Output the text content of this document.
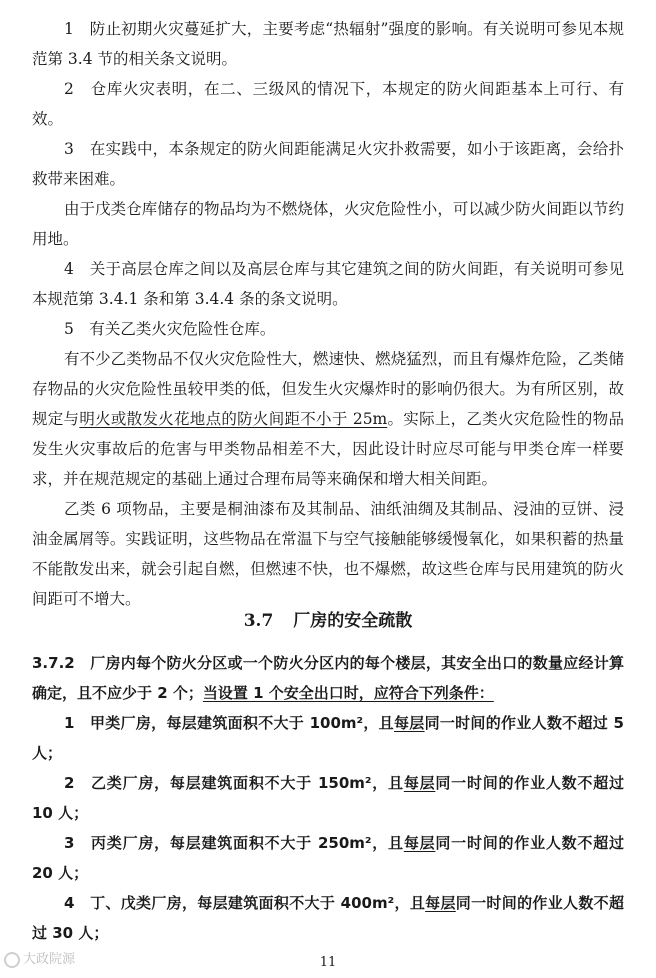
1　防止初期火灾蔓延扩大，主要考虑“热辐射”强度的影响。有关说明可参见本规范第 3.4 节的相关条文说明。

2　仓库火灾表明，在二、三级风的情况下，本规定的防火间距基本上可行、有效。

3　在实践中，本条规定的防火间距能满足火灾扑救需要，如小于该距离，会给扑救带来困难。

由于戊类仓库储存的物品均为不燃烧体，火灾危险性小，可以减少防火间距以节约用地。

4　关于高层仓库之间以及高层仓库与其它建筑之间的防火间距，有关说明可参见本规范第 3.4.1 条和第 3.4.4 条的条文说明。

5　有关乙类火灾危险性仓库。

有不少乙类物品不仅火灾危险性大，燃速快、燃烧猛烈，而且有爆炸危险，乙类储存物品的火灾危险性虽较甲类的低，但发生火灾爆炸时的影响仍很大。为有所区别，故规定与明火或散发火花地点的防火间距不小于 25m。实际上，乙类火灾危险性的物品发生火灾事故后的危害与甲类物品相差不大，因此设计时应尽可能与甲类仓库一样要求，并在规范规定的基础上通过合理布局等来确保和增大相关间距。

乙类 6 项物品，主要是桐油漆布及其制品、油纸油绸及其制品、浸油的豆饼、浸油金属屑等。实践证明，这些物品在常温下与空气接触能够缓慢氧化，如果积蓄的热量不能散发出来，就会引起自燃，但燃速不快，也不爆燃，故这些仓库与民用建筑的防火间距可不增大。

3.7 厂房的安全疏散

3.7.2　 厂房内每个防火分区或一个防火分区内的每个楼层，其安全出口的数量应经计算确定，且不应少于 2 个；当设置 1 个安全出口时，应符合下列条件：

1　甲类厂房，每层建筑面积不大于 100m²，且每层同一时间的作业人数不超过 5 人；

2　乙类厂房，每层建筑面积不大于 150m²，且每层同一时间的作业人数不超过 10 人；

3　丙类厂房，每层建筑面积不大于 250m²，且每层同一时间的作业人数不超过 20 人；

4　丁、戊类厂房，每层建筑面积不大于 400m²，且每层同一时间的作业人数不超过 30 人；

11
大政院源
